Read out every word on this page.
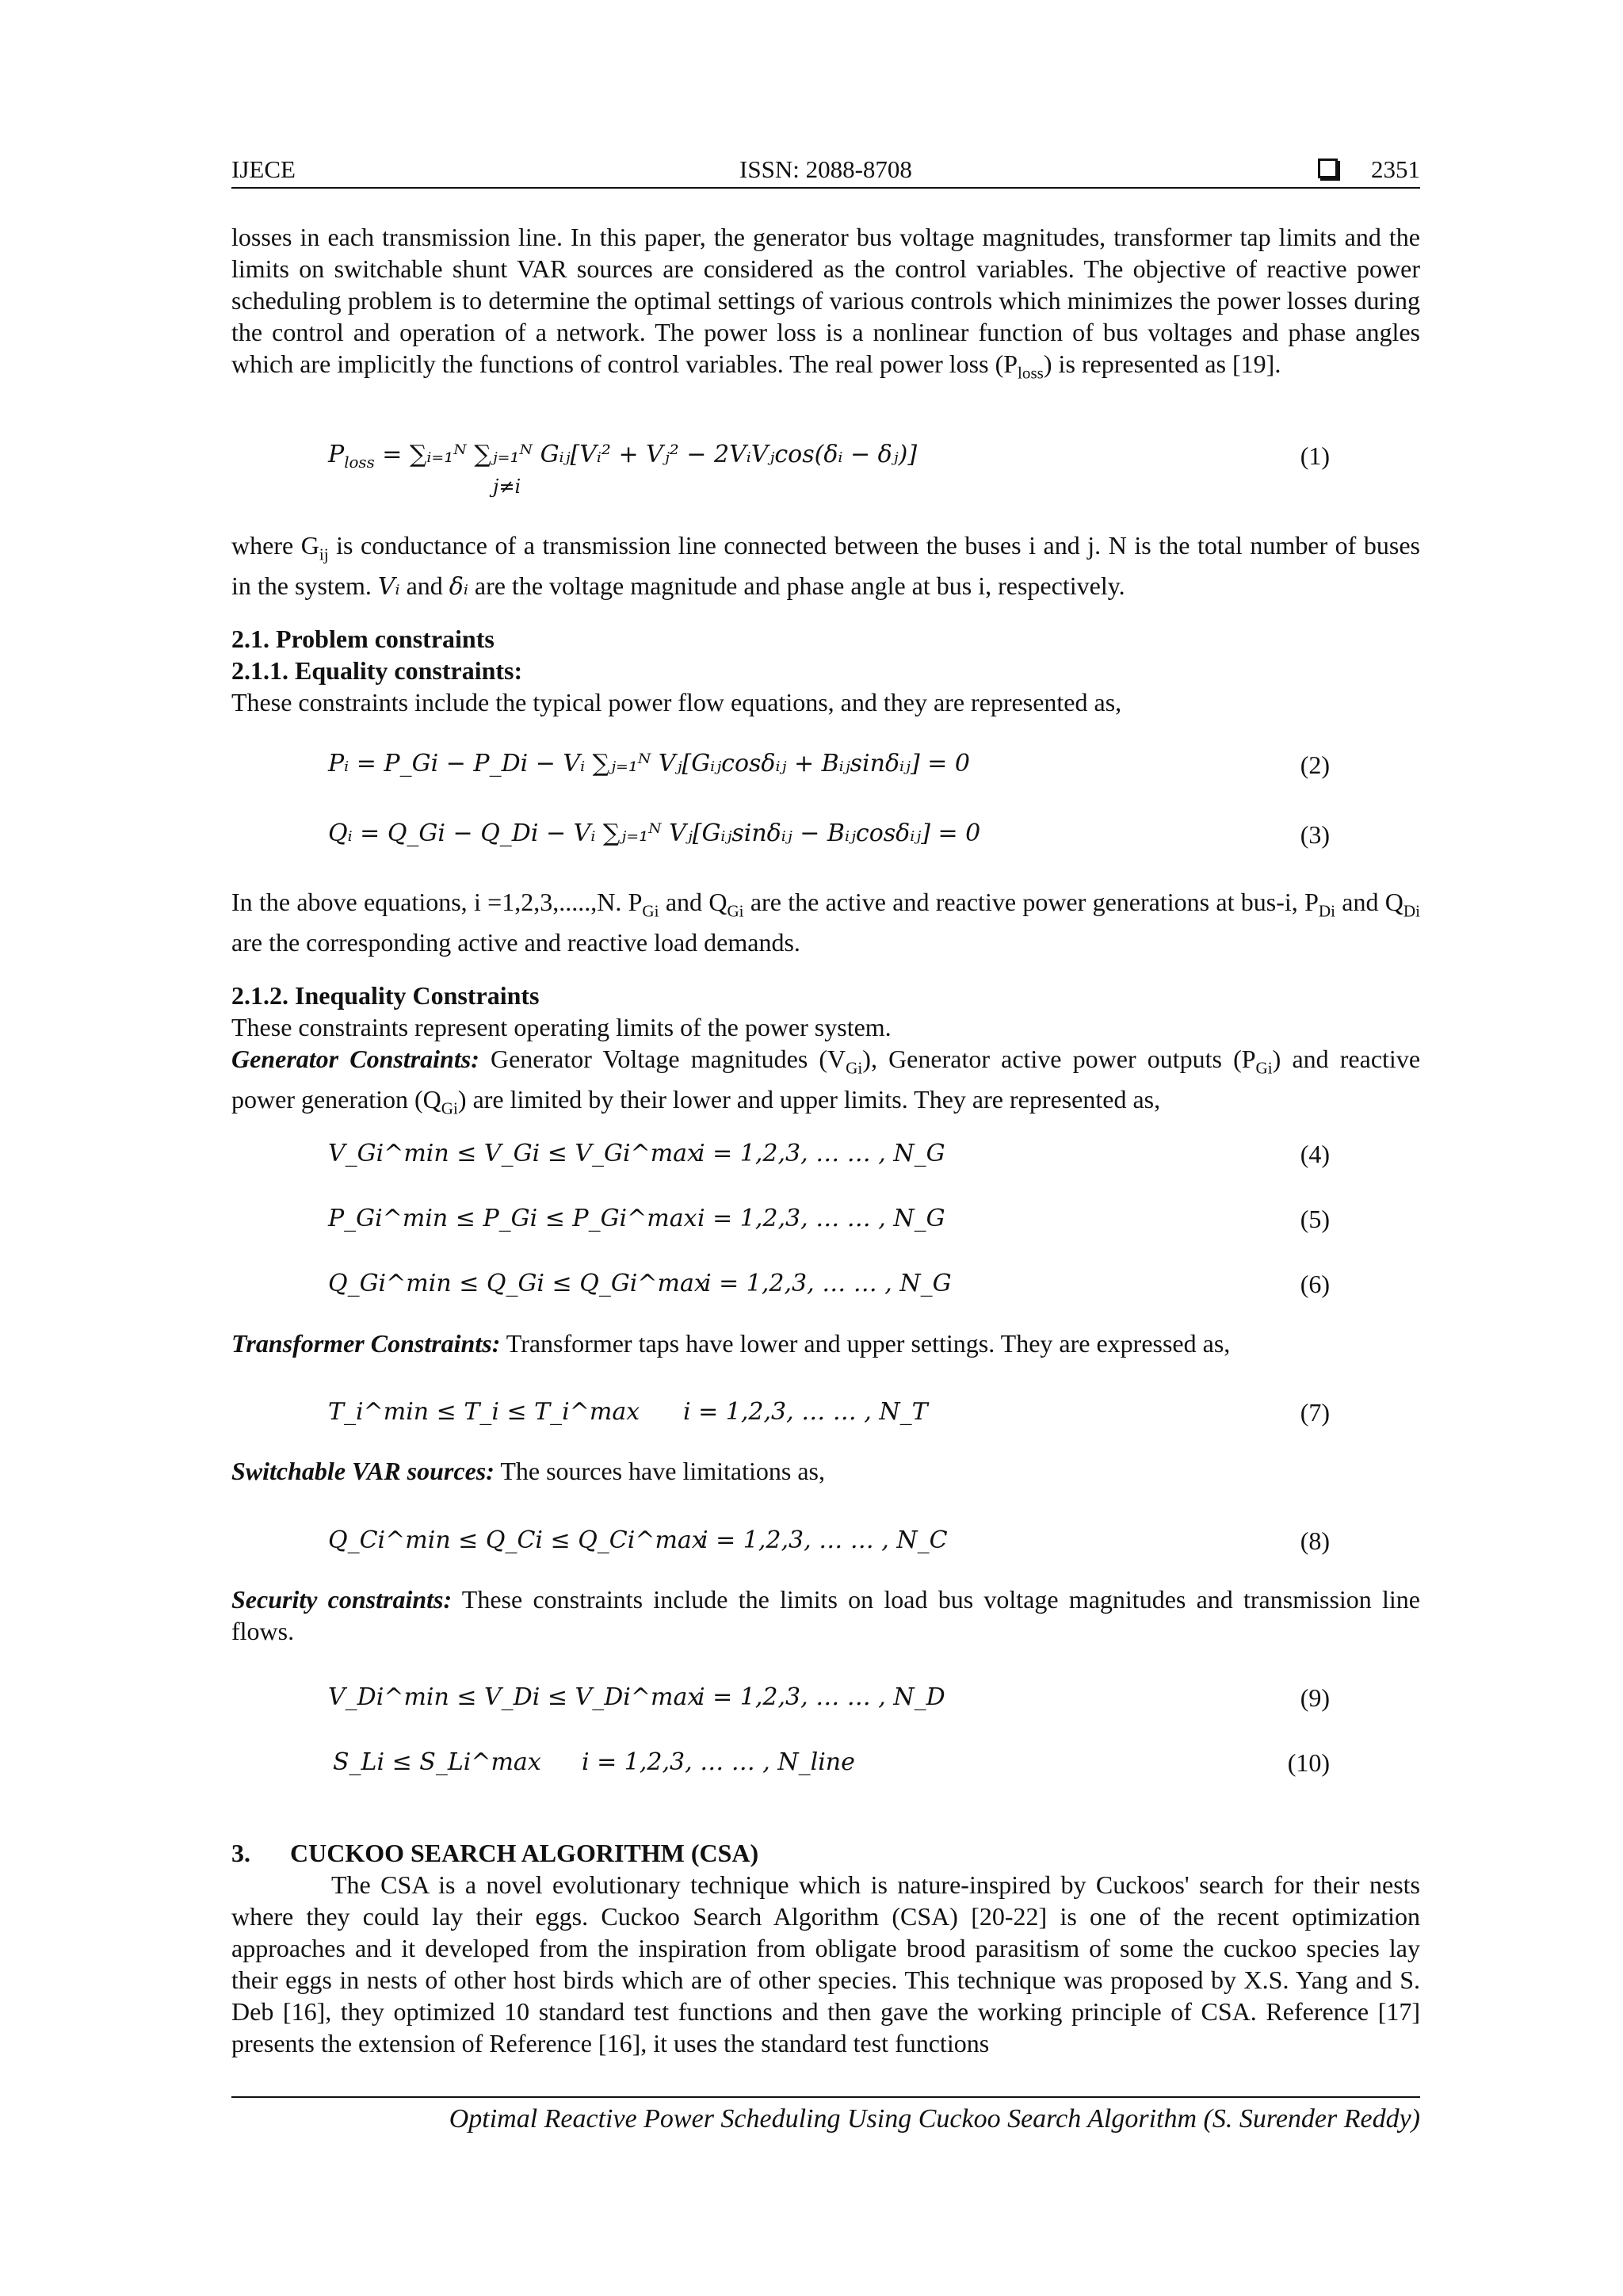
IJECE	ISSN: 2088-8708	2351
losses in each transmission line. In this paper, the generator bus voltage magnitudes, transformer tap limits and the limits on switchable shunt VAR sources are considered as the control variables. The objective of reactive power scheduling problem is to determine the optimal settings of various controls which minimizes the power losses during the control and operation of a network. The power loss is a nonlinear function of bus voltages and phase angles which are implicitly the functions of control variables. The real power loss $(P_{loss})$ is represented as [19].
$P_{loss}$ = ∑ᵢ₌₁ᴺ ∑ⱼ₌₁ᴺ Gᵢⱼ[Vᵢ² + Vⱼ² − 2VᵢVⱼcos(δᵢ − δⱼ)]
j≠i
(1)
where $G_{ij}$ is conductance of a transmission line connected between the buses i and j. N is the total number of buses in the system. Vᵢ and δᵢ are the voltage magnitude and phase angle at bus i, respectively.
2.1. Problem constraints
2.1.1. Equality constraints:
These constraints include the typical power flow equations, and they are represented as,
Pᵢ = P_Gi − P_Di − Vᵢ ∑ⱼ₌₁ᴺ Vⱼ[Gᵢⱼcosδᵢⱼ + Bᵢⱼsinδᵢⱼ] = 0	(2)
Qᵢ = Q_Gi − Q_Di − Vᵢ ∑ⱼ₌₁ᴺ Vⱼ[Gᵢⱼsinδᵢⱼ − Bᵢⱼcosδᵢⱼ] = 0	(3)
In the above equations, i =1,2,3,.....,N. $P_{Gi}$ and $Q_{Gi}$ are the active and reactive power generations at bus-i, $P_{Di}$ and $Q_{Di}$ are the corresponding active and reactive load demands.
2.1.2. Inequality Constraints
These constraints represent operating limits of the power system.
Generator Constraints: Generator Voltage magnitudes $(V_{Gi})$, Generator active power outputs $(P_{Gi})$ and reactive power generation $(Q_{Gi})$ are limited by their lower and upper limits. They are represented as,
V_Gi^min ≤ V_Gi ≤ V_Gi^max
i = 1,2,3, … … , N_G	(4)
P_Gi^min ≤ P_Gi ≤ P_Gi^max i = 1,2,3, … … , N_G	(5)
Q_Gi^min ≤ Q_Gi ≤ Q_Gi^max
i = 1,2,3, … … , N_G	(6)
Transformer Constraints: Transformer taps have lower and upper settings. They are expressed as,
T_i^min ≤ T_i ≤ T_i^max i = 1,2,3, … … , N_T	(7)
Switchable VAR sources: The sources have limitations as,
Q_Ci^min ≤ Q_Ci ≤ Q_Ci^max
i = 1,2,3, … … , N_C	(8)
Security constraints: These constraints include the limits on load bus voltage magnitudes and transmission line flows.
V_Di^min ≤ V_Di ≤ V_Di^max
i = 1,2,3, … … , N_D	(9)
S_Li ≤ S_Li^max i = 1,2,3, … … , N_line	(10)
3. CUCKOO SEARCH ALGORITHM (CSA)
The CSA is a novel evolutionary technique which is nature-inspired by Cuckoos' search for their nests where they could lay their eggs. Cuckoo Search Algorithm (CSA) [20-22] is one of the recent optimization approaches and it developed from the inspiration from obligate brood parasitism of some the cuckoo species lay their eggs in nests of other host birds which are of other species. This technique was proposed by X.S. Yang and S. Deb [16], they optimized 10 standard test functions and then gave the working principle of CSA. Reference [17] presents the extension of Reference [16], it uses the standard test functions
Optimal Reactive Power Scheduling Using Cuckoo Search Algorithm (S. Surender Reddy)
